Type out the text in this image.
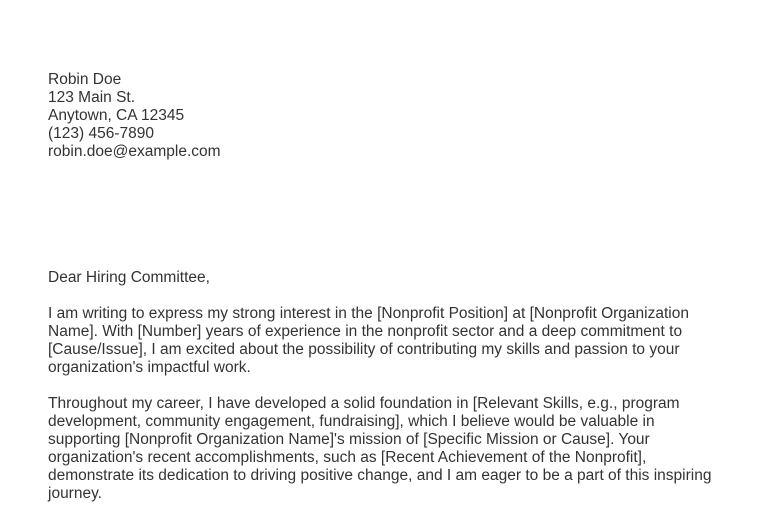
Robin Doe
123 Main St.
Anytown, CA 12345
(123) 456-7890
robin.doe@example.com
Dear Hiring Committee,

I am writing to express my strong interest in the [Nonprofit Position] at [Nonprofit Organization Name]. With [Number] years of experience in the nonprofit sector and a deep commitment to [Cause/Issue], I am excited about the possibility of contributing my skills and passion to your organization's impactful work.

Throughout my career, I have developed a solid foundation in [Relevant Skills, e.g., program development, community engagement, fundraising], which I believe would be valuable in supporting [Nonprofit Organization Name]'s mission of [Specific Mission or Cause]. Your organization's recent accomplishments, such as [Recent Achievement of the Nonprofit], demonstrate its dedication to driving positive change, and I am eager to be a part of this inspiring journey.
